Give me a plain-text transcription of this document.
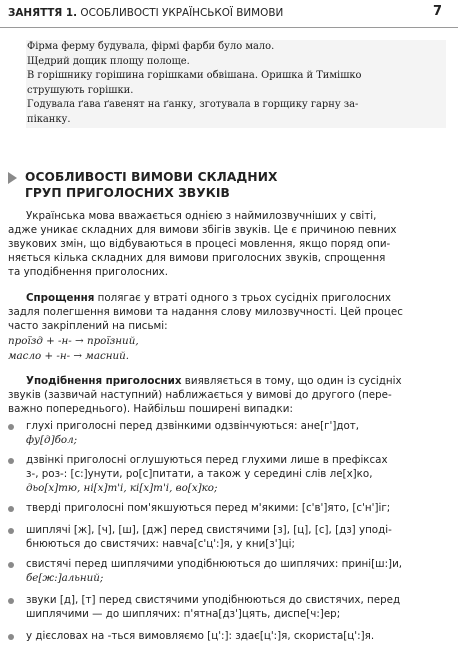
ЗАНЯТТЯ 1. ОСОБЛИВОСТІ УКРАЇНСЬКОЇ ВИМОВИ	7

Фірма ферму будувала, фірмі фарби було мало.

Щедрий дощик площу полоще.

В горішнику горішина горішками обвішана. Оришка й Тимішко

струшують горішки.

Годувала ґава ґавенят на ґанку, зготувала в горщику гарну за-

піканку.

ОСОБЛИВОСТІ ВИМОВИ СКЛАДНИХ
ГРУП ПРИГОЛОСНИХ ЗВУКІВ

Українська мова вважається однією з наймилозвучніших у світі,

адже уникає складних для вимови збігів звуків. Це є причиною певних

звукових змін, що відбуваються в процесі мовлення, якщо поряд опи-

няється кілька складних для вимови приголосних звуків, спрощення

та уподібнення приголосних.

Спрощення полягає у втраті одного з трьох сусідніх приголосних

задля полегшення вимови та надання слову милозвучності. Цей процес

часто закріплений на письмі:

проїзд + -н- → проїзний,
масло + -н- → масний.

Уподібнення приголосних виявляється в тому, що один із сусідніх

звуків (зазвичай наступний) наближається у вимові до другого (пере-

важно попереднього). Найбільш поширені випадки:

глухі приголосні перед дзвінкими одзвінчуються: ане[г']дот,
фу[д]бол;
дзвінкі приголосні оглушуються перед глухими лише в префіксах
з-, роз-: [с:]унути, ро[с]питати, а також у середині слів ле[х]ко,
дьо[х]тю, ні[х]т'і, кі[х]т'і, во[х]ко;
тверді приголосні пом'якшуються перед м'якими: [с'в']ято, [с'н']іг;
шиплячі [ж], [ч], [ш], [дж] перед свистячими [з], [ц], [с], [дз] уподі-
бнюються до свистячих: навча[с'ц':]я, у кни[з']ці;
свистячі перед шиплячими уподібнюються до шиплячих: прині[ш:]и,
бе[ж:]альний;
звуки [д], [т] перед свистячими уподібнюються до свистячих, перед
шиплячими — до шиплячих: п'ятна[дз']цять, диспе[ч:]ер;
у дієсловах на -ться вимовляємо [ц':]: здає[ц':]я, скориста[ц':]я.
